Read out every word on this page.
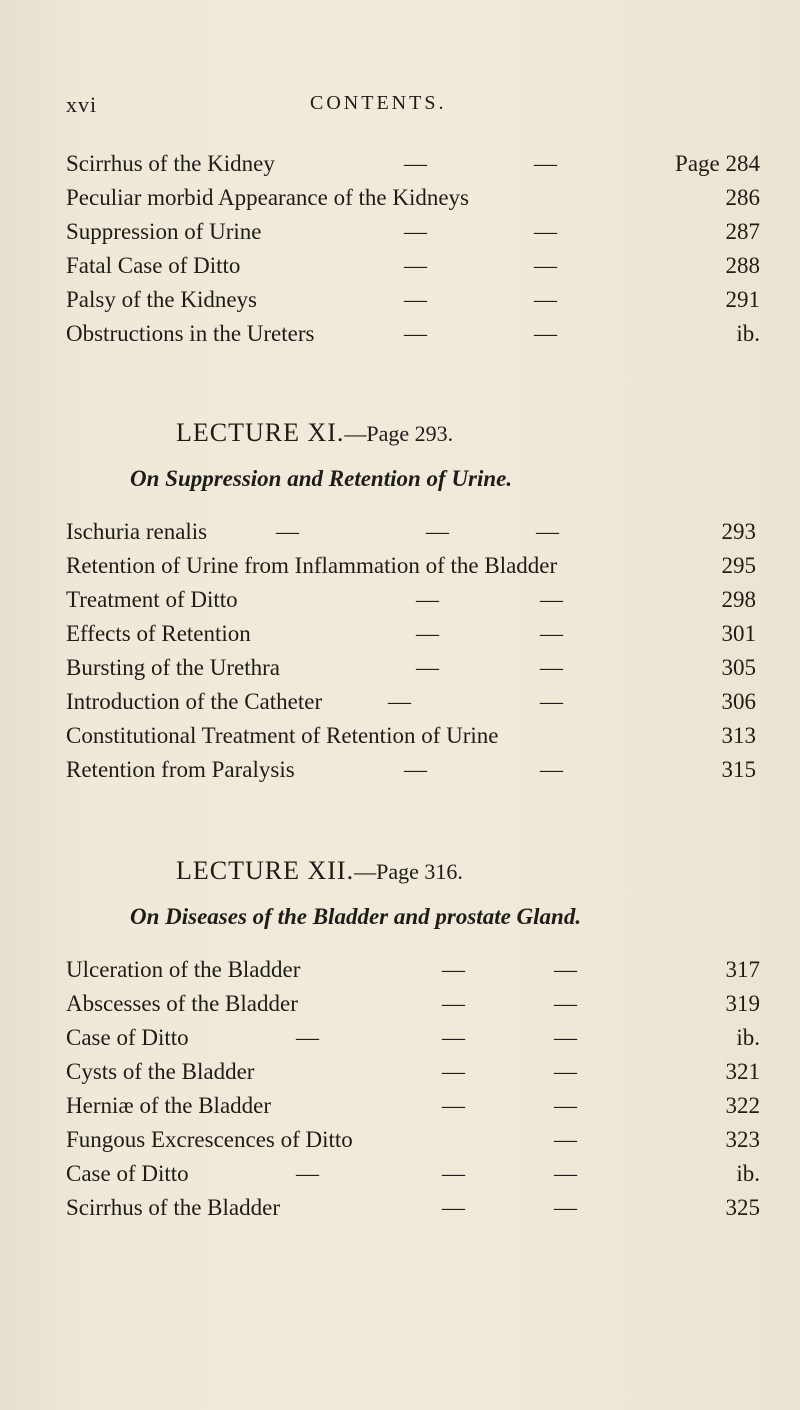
xvi	CONTENTS.
Scirrhus of the Kidney	—	—	Page 284
Peculiar morbid Appearance of the Kidneys	286
Suppression of Urine	—	—	287
Fatal Case of Ditto	—	—	288
Palsy of the Kidneys	—	—	291
Obstructions in the Ureters	—	—	ib.
LECTURE XI.—Page 293.
On Suppression and Retention of Urine.
Ischuria renalis	—	—	—	293
Retention of Urine from Inflammation of the Bladder	295
Treatment of Ditto	—	—	298
Effects of Retention	—	—	301
Bursting of the Urethra	—	—	305
Introduction of the Catheter	—	—	306
Constitutional Treatment of Retention of Urine	313
Retention from Paralysis	—	—	315
LECTURE XII.—Page 316.
On Diseases of the Bladder and prostate Gland.
Ulceration of the Bladder	—	—	317
Abscesses of the Bladder	—	—	319
Case of Ditto	—	—	—	ib.
Cysts of the Bladder	—	—	321
Herniæ of the Bladder	—	—	322
Fungous Excrescences of Ditto	—	323
Case of Ditto	—	—	—	ib.
Scirrhus of the Bladder	—	—	325
